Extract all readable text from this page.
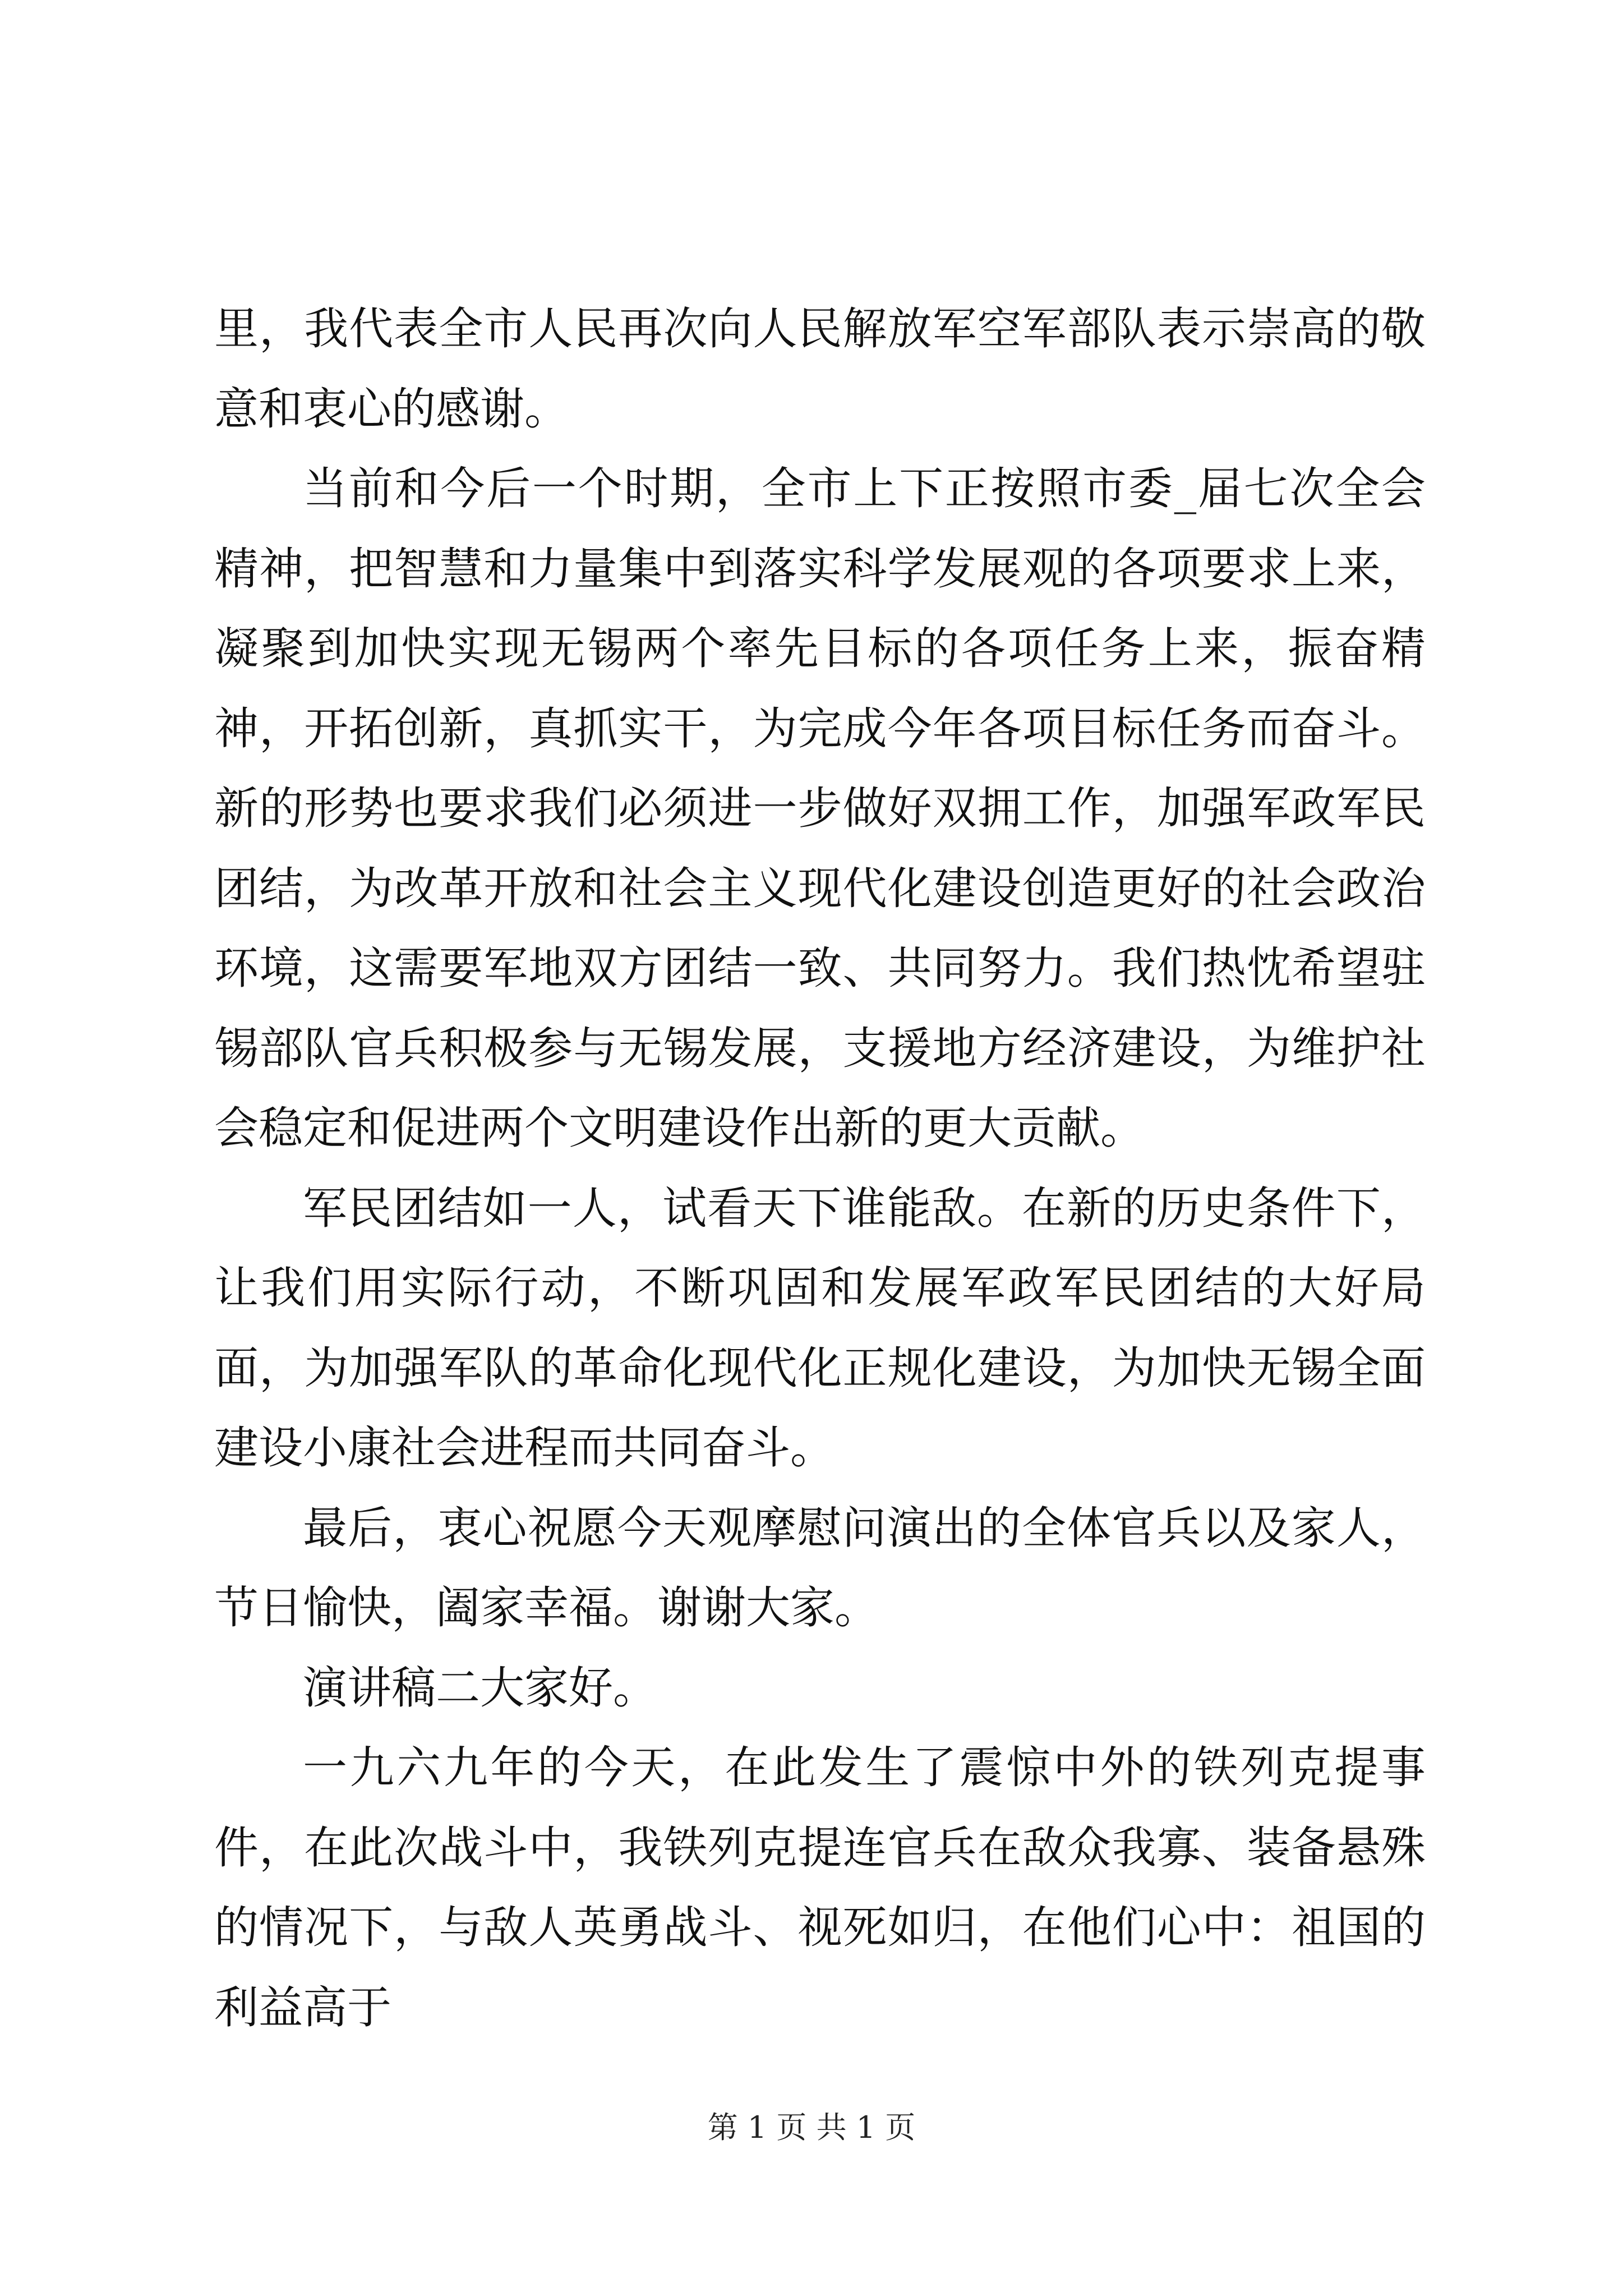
里，我代表全市人民再次向人民解放军空军部队表示崇高的敬意和衷心的感谢。

当前和今后一个时期，全市上下正按照市委_届七次全会精神，把智慧和力量集中到落实科学发展观的各项要求上来，凝聚到加快实现无锡两个率先目标的各项任务上来，振奋精神，开拓创新，真抓实干，为完成今年各项目标任务而奋斗。新的形势也要求我们必须进一步做好双拥工作，加强军政军民团结，为改革开放和社会主义现代化建设创造更好的社会政治环境，这需要军地双方团结一致、共同努力。我们热忱希望驻锡部队官兵积极参与无锡发展，支援地方经济建设，为维护社会稳定和促进两个文明建设作出新的更大贡献。

军民团结如一人，试看天下谁能敌。在新的历史条件下，让我们用实际行动，不断巩固和发展军政军民团结的大好局面，为加强军队的革命化现代化正规化建设，为加快无锡全面建设小康社会进程而共同奋斗。

最后，衷心祝愿今天观摩慰问演出的全体官兵以及家人，节日愉快，阖家幸福。谢谢大家。

演讲稿二大家好。

一九六九年的今天，在此发生了震惊中外的铁列克提事件，在此次战斗中，我铁列克提连官兵在敌众我寡、装备悬殊的情况下，与敌人英勇战斗、视死如归，在他们心中：祖国的利益高于

第 1 页 共 1 页
